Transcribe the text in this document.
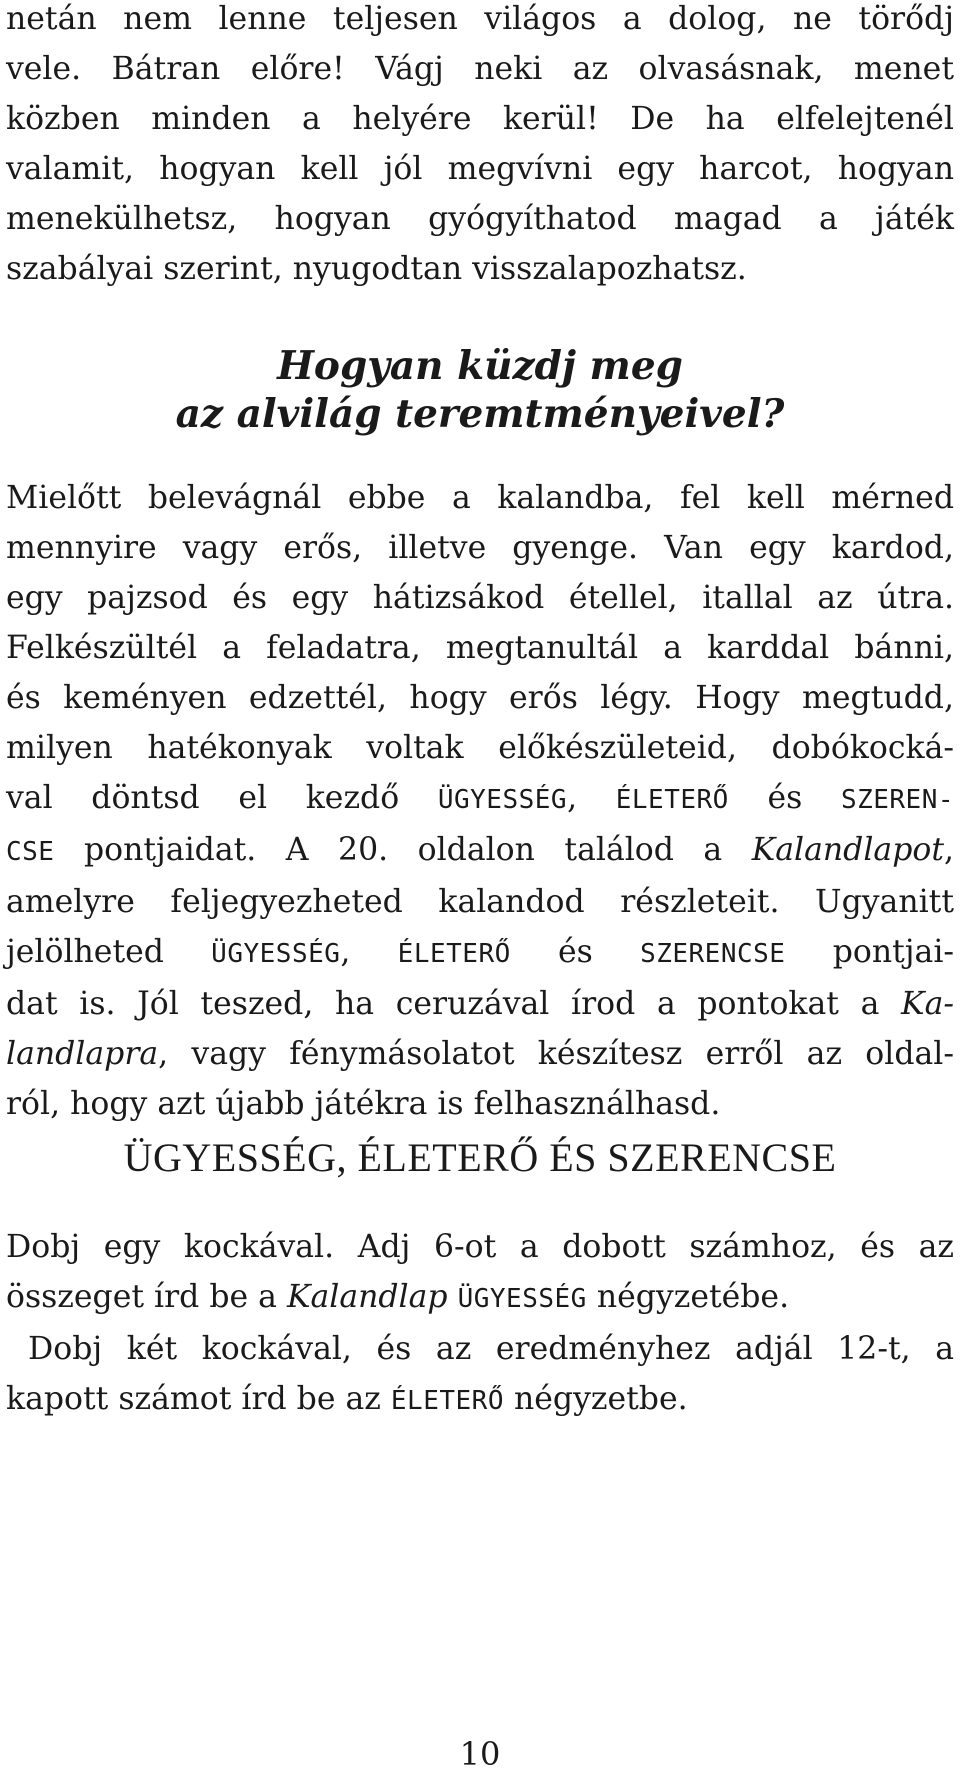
netán nem lenne teljesen világos a dolog, ne törődj
vele. Bátran előre! Vágj neki az olvasásnak, menet
közben minden a helyére kerül! De ha elfelejtenél
valamit, hogyan kell jól megvívni egy harcot, hogyan
menekülhetsz, hogyan gyógyíthatod magad a játék
szabályai szerint, nyugodtan visszalapozhatsz.
Hogyan küzdj meg
az alvilág teremtményeivel?
Mielőtt belevágnál ebbe a kalandba, fel kell mérned
mennyire vagy erős, illetve gyenge. Van egy kardod,
egy pajzsod és egy hátizsákod étellel, itallal az útra.
Felkészültél a feladatra, megtanultál a karddal bánni,
és keményen edzettél, hogy erős légy. Hogy megtudd,
milyen hatékonyak voltak előkészületeid, dobókocká-
val döntsd el kezdő ÜGYESSÉG, ÉLETERŐ és SZEREN-
CSE pontjaidat. A 20. oldalon találod a Kalandlapot,
amelyre feljegyezheted kalandod részleteit. Ugyanitt
jelölheted ÜGYESSÉG, ÉLETERŐ és SZERENCSE pontjai-
dat is. Jól teszed, ha ceruzával írod a pontokat a Ka-
landlapra, vagy fénymásolatot készítesz erről az oldal-
ról, hogy azt újabb játékra is felhasználhasd.
ÜGYESSÉG, ÉLETERŐ ÉS SZERENCSE
Dobj egy kockával. Adj 6-ot a dobott számhoz, és az
összeget írd be a Kalandlap ÜGYESSÉG négyzetébe.
Dobj két kockával, és az eredményhez adjál 12-t, a
kapott számot írd be az ÉLETERŐ négyzetbe.
10
